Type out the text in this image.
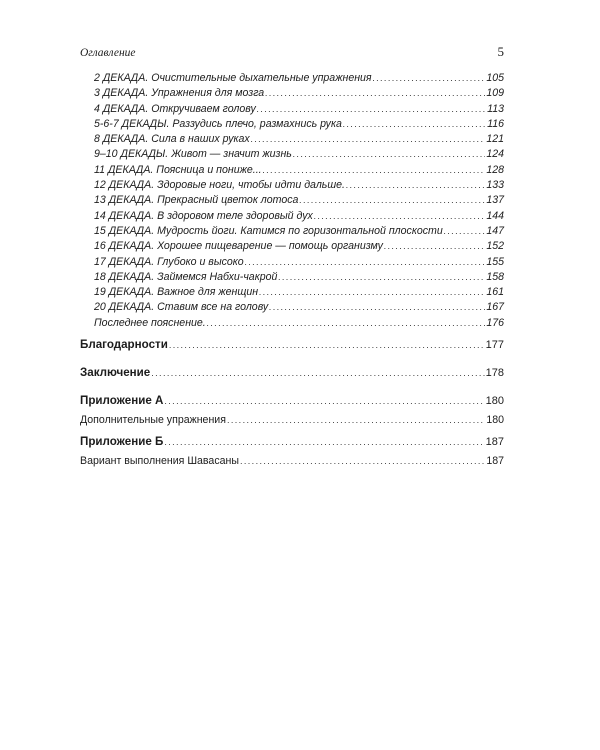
Оглавление	5
2 ДЕКАДА. Очистительные дыхательные упражнения .....	105
3 ДЕКАДА. Упражнения для мозга .....	109
4 ДЕКАДА. Откручиваем голову .....	113
5-6-7 ДЕКАДЫ. Раззудись плечо, размахнись рука .....	116
8 ДЕКАДА. Сила в наших руках .....	121
9–10 ДЕКАДЫ. Живот — значит жизнь .....	124
11 ДЕКАДА. Поясница и пониже... .....	128
12 ДЕКАДА. Здоровые ноги, чтобы идти дальше. .....	133
13 ДЕКАДА. Прекрасный цветок лотоса .....	137
14 ДЕКАДА. В здоровом теле здоровый дух .....	144
15 ДЕКАДА. Мудрость йоги. Катимся по горизонтальной плоскости .....	147
16 ДЕКАДА. Хорошее пищеварение — помощь организму .....	152
17 ДЕКАДА. Глубоко и высоко .....	155
18 ДЕКАДА. Займемся Набхи-чакрой .....	158
19 ДЕКАДА. Важное для женщин .....	161
20 ДЕКАДА. Ставим все на голову .....	167
Последнее пояснение. .....	176
Благодарности .....	177
Заключение .....	178
Приложение А .....	180
Дополнительные упражнения .....	180
Приложение Б .....	187
Вариант выполнения Шавасаны .....	187
